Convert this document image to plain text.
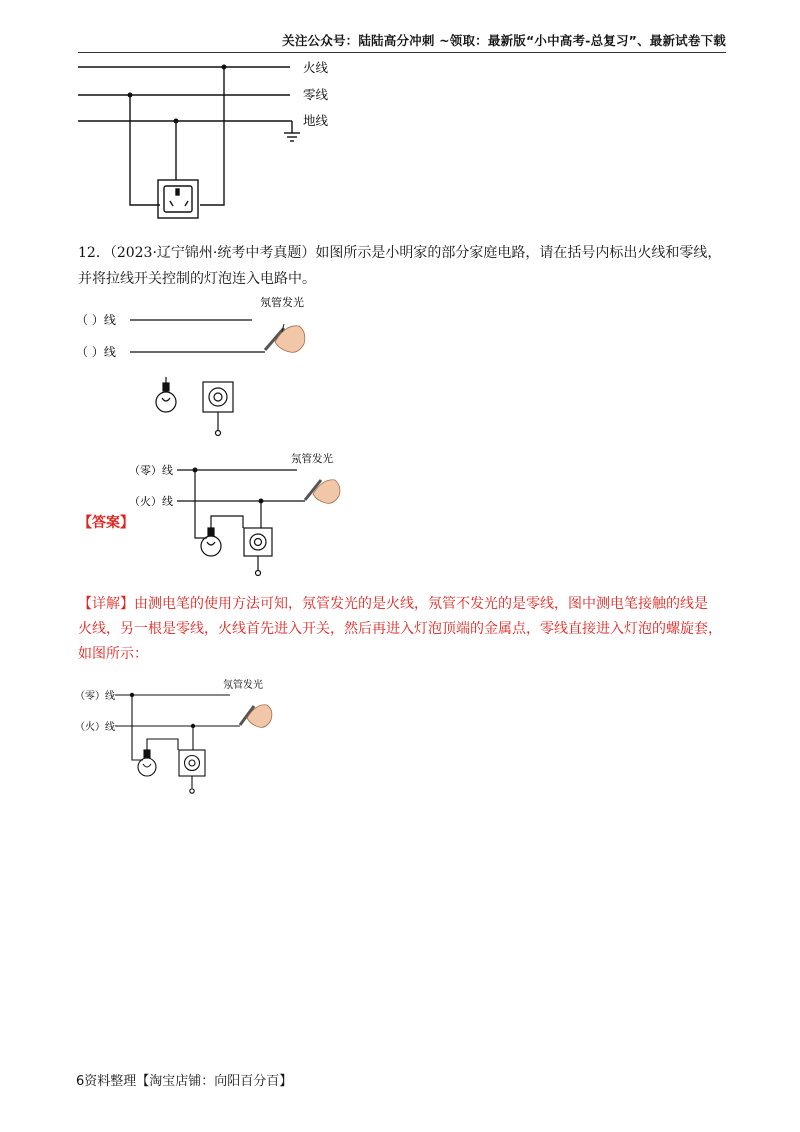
关注公众号：陆陆高分冲刺 ~领取：最新版“小中高考-总复习”、最新试卷下载
火线
零线
地线
12．（2023·辽宁锦州·统考中考真题）如图所示是小明家的部分家庭电路，请在括号内标出火线和零线，
并将拉线开关控制的灯泡连入电路中。
（ ）线
（ ）线
氖管发光
【答案】
（零）线
（火）线
氖管发光
【详解】由测电笔的使用方法可知，氖管发光的是火线，氖管不发光的是零线，图中测电笔接触的线是
火线，另一根是零线，火线首先进入开关，然后再进入灯泡顶端的金属点，零线直接进入灯泡的螺旋套，
如图所示：
（零）线
（火）线
氖管发光
6资料整理【淘宝店铺：向阳百分百】
